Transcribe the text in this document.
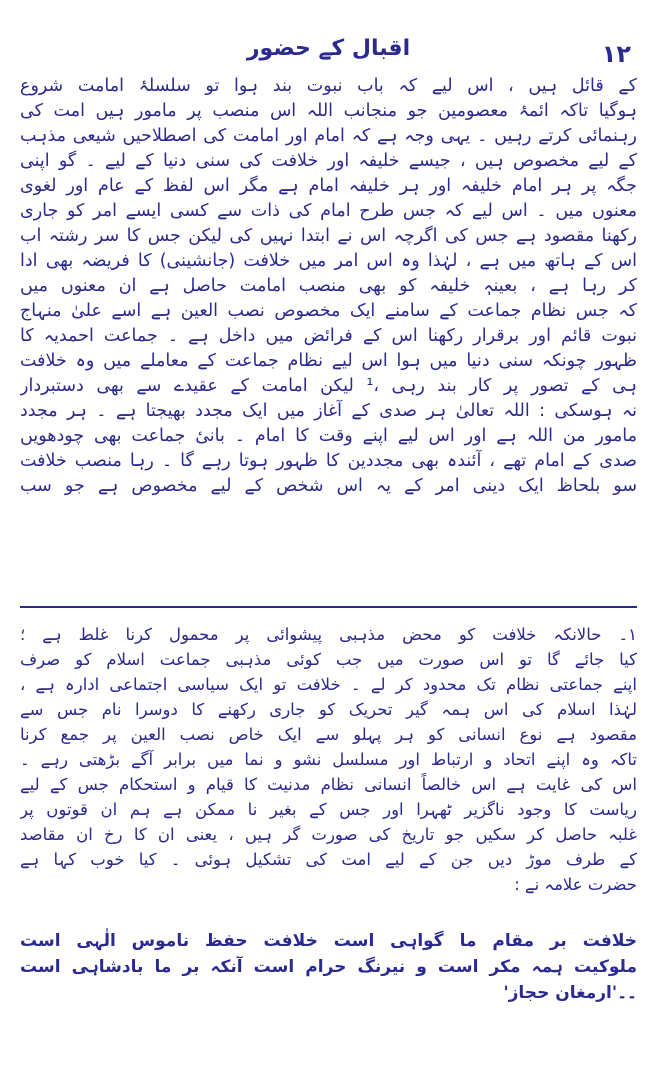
۱۲
اقبال کے حضور
کے قائل ہیں ، اس لیے کہ باب نبوت بند ہوا تو سلسلۂ امامت شروع
ہوگیا تاکہ ائمۂ معصومین جو منجانب اللہ اس منصب پر مامور ہیں امت کی
رہنمائی کرتے رہیں ۔ یہی وجہ ہے کہ امام اور امامت کی اصطلاحیں شیعی مذہب
کے لیے مخصوص ہیں ، جیسے خلیفہ اور خلافت کی سنی دنیا کے لیے ۔ گو اپنی
جگہ پر ہر امام خلیفہ اور ہر خلیفہ امام ہے مگر اس لفظ کے عام اور لغوی
معنوں میں ۔ اس لیے کہ جس طرح امام کی ذات سے کسی ایسے امر کو جاری
رکھنا مقصود ہے جس کی اگرچہ اس نے ابتدا نہیں کی لیکن جس کا سر رشتہ اب
اس کے ہاتھ میں ہے ، لہٰذا وہ اس امر میں خلافت (جانشینی) کا فریضہ بھی ادا
کر رہا ہے ، بعینہٖ خلیفہ کو بھی منصب امامت حاصل ہے ان معنوں میں
کہ جس نظام جماعت کے سامنے ایک مخصوص نصب العین ہے اسے علیٰ منہاج
نبوت قائم اور برقرار رکھنا اس کے فرائض میں داخل ہے ۔ جماعت احمدیہ کا
ظہور چونکہ سنی دنیا میں ہوا اس لیے نظام جماعت کے معاملے میں وہ خلافت
ہی کے تصور پر کار بند رہی ،¹ لیکن امامت کے عقیدے سے بھی دستبردار
نہ ہوسکی : اللہ تعالیٰ ہر صدی کے آغاز میں ایک مجدد بھیجتا ہے ۔ ہر مجدد
مامور من اللہ ہے اور اس لیے اپنے وقت کا امام ۔ بانیٔ جماعت بھی چودھویں
صدی کے امام تھے ، آئندہ بھی مجددین کا ظہور ہوتا رہے گا ۔ رہا منصب خلافت
سو بلحاظ ایک دینی امر کے یہ اس شخص کے لیے مخصوص ہے جو سب
۱۔ حالانکہ خلافت کو محض مذہبی پیشوائی پر محمول کرنا غلط ہے ؛
کیا جائے گا تو اس صورت میں جب کوئی مذہبی جماعت اسلام کو صرف
اپنے جماعتی نظام تک محدود کر لے ۔ خلافت تو ایک سیاسی اجتماعی ادارہ ہے ،
لہٰذا اسلام کی اس ہمہ گیر تحریک کو جاری رکھنے کا دوسرا نام جس سے
مقصود ہے نوع انسانی کو ہر پہلو سے ایک خاص نصب العین پر جمع کرنا
تاکہ وہ اپنے اتحاد و ارتباط اور مسلسل نشو و نما میں برابر آگے بڑھتی رہے ۔
اس کی غایت ہے اس خالصاً انسانی نظام مدنیت کا قیام و استحکام جس کے لیے
ریاست کا وجود ناگزیر ٹھہرا اور جس کے بغیر نا ممکن ہے ہم ان قوتوں پر
غلبہ حاصل کر سکیں جو تاریخ کی صورت گر ہیں ، یعنی ان کا رخ ان مقاصد
کے طرف موڑ دیں جن کے لیے امت کی تشکیل ہوئی ۔ کیا خوب کہا ہے
حضرت علامہ نے :
خلافت بر مقام ما گواہی است خلافت حفظ ناموس الٰہی است
ملوکیت ہمہ مکر است و نیرنگ حرام است آنکہ بر ما بادشاہی است
۔۔'ارمغان حجاز'
